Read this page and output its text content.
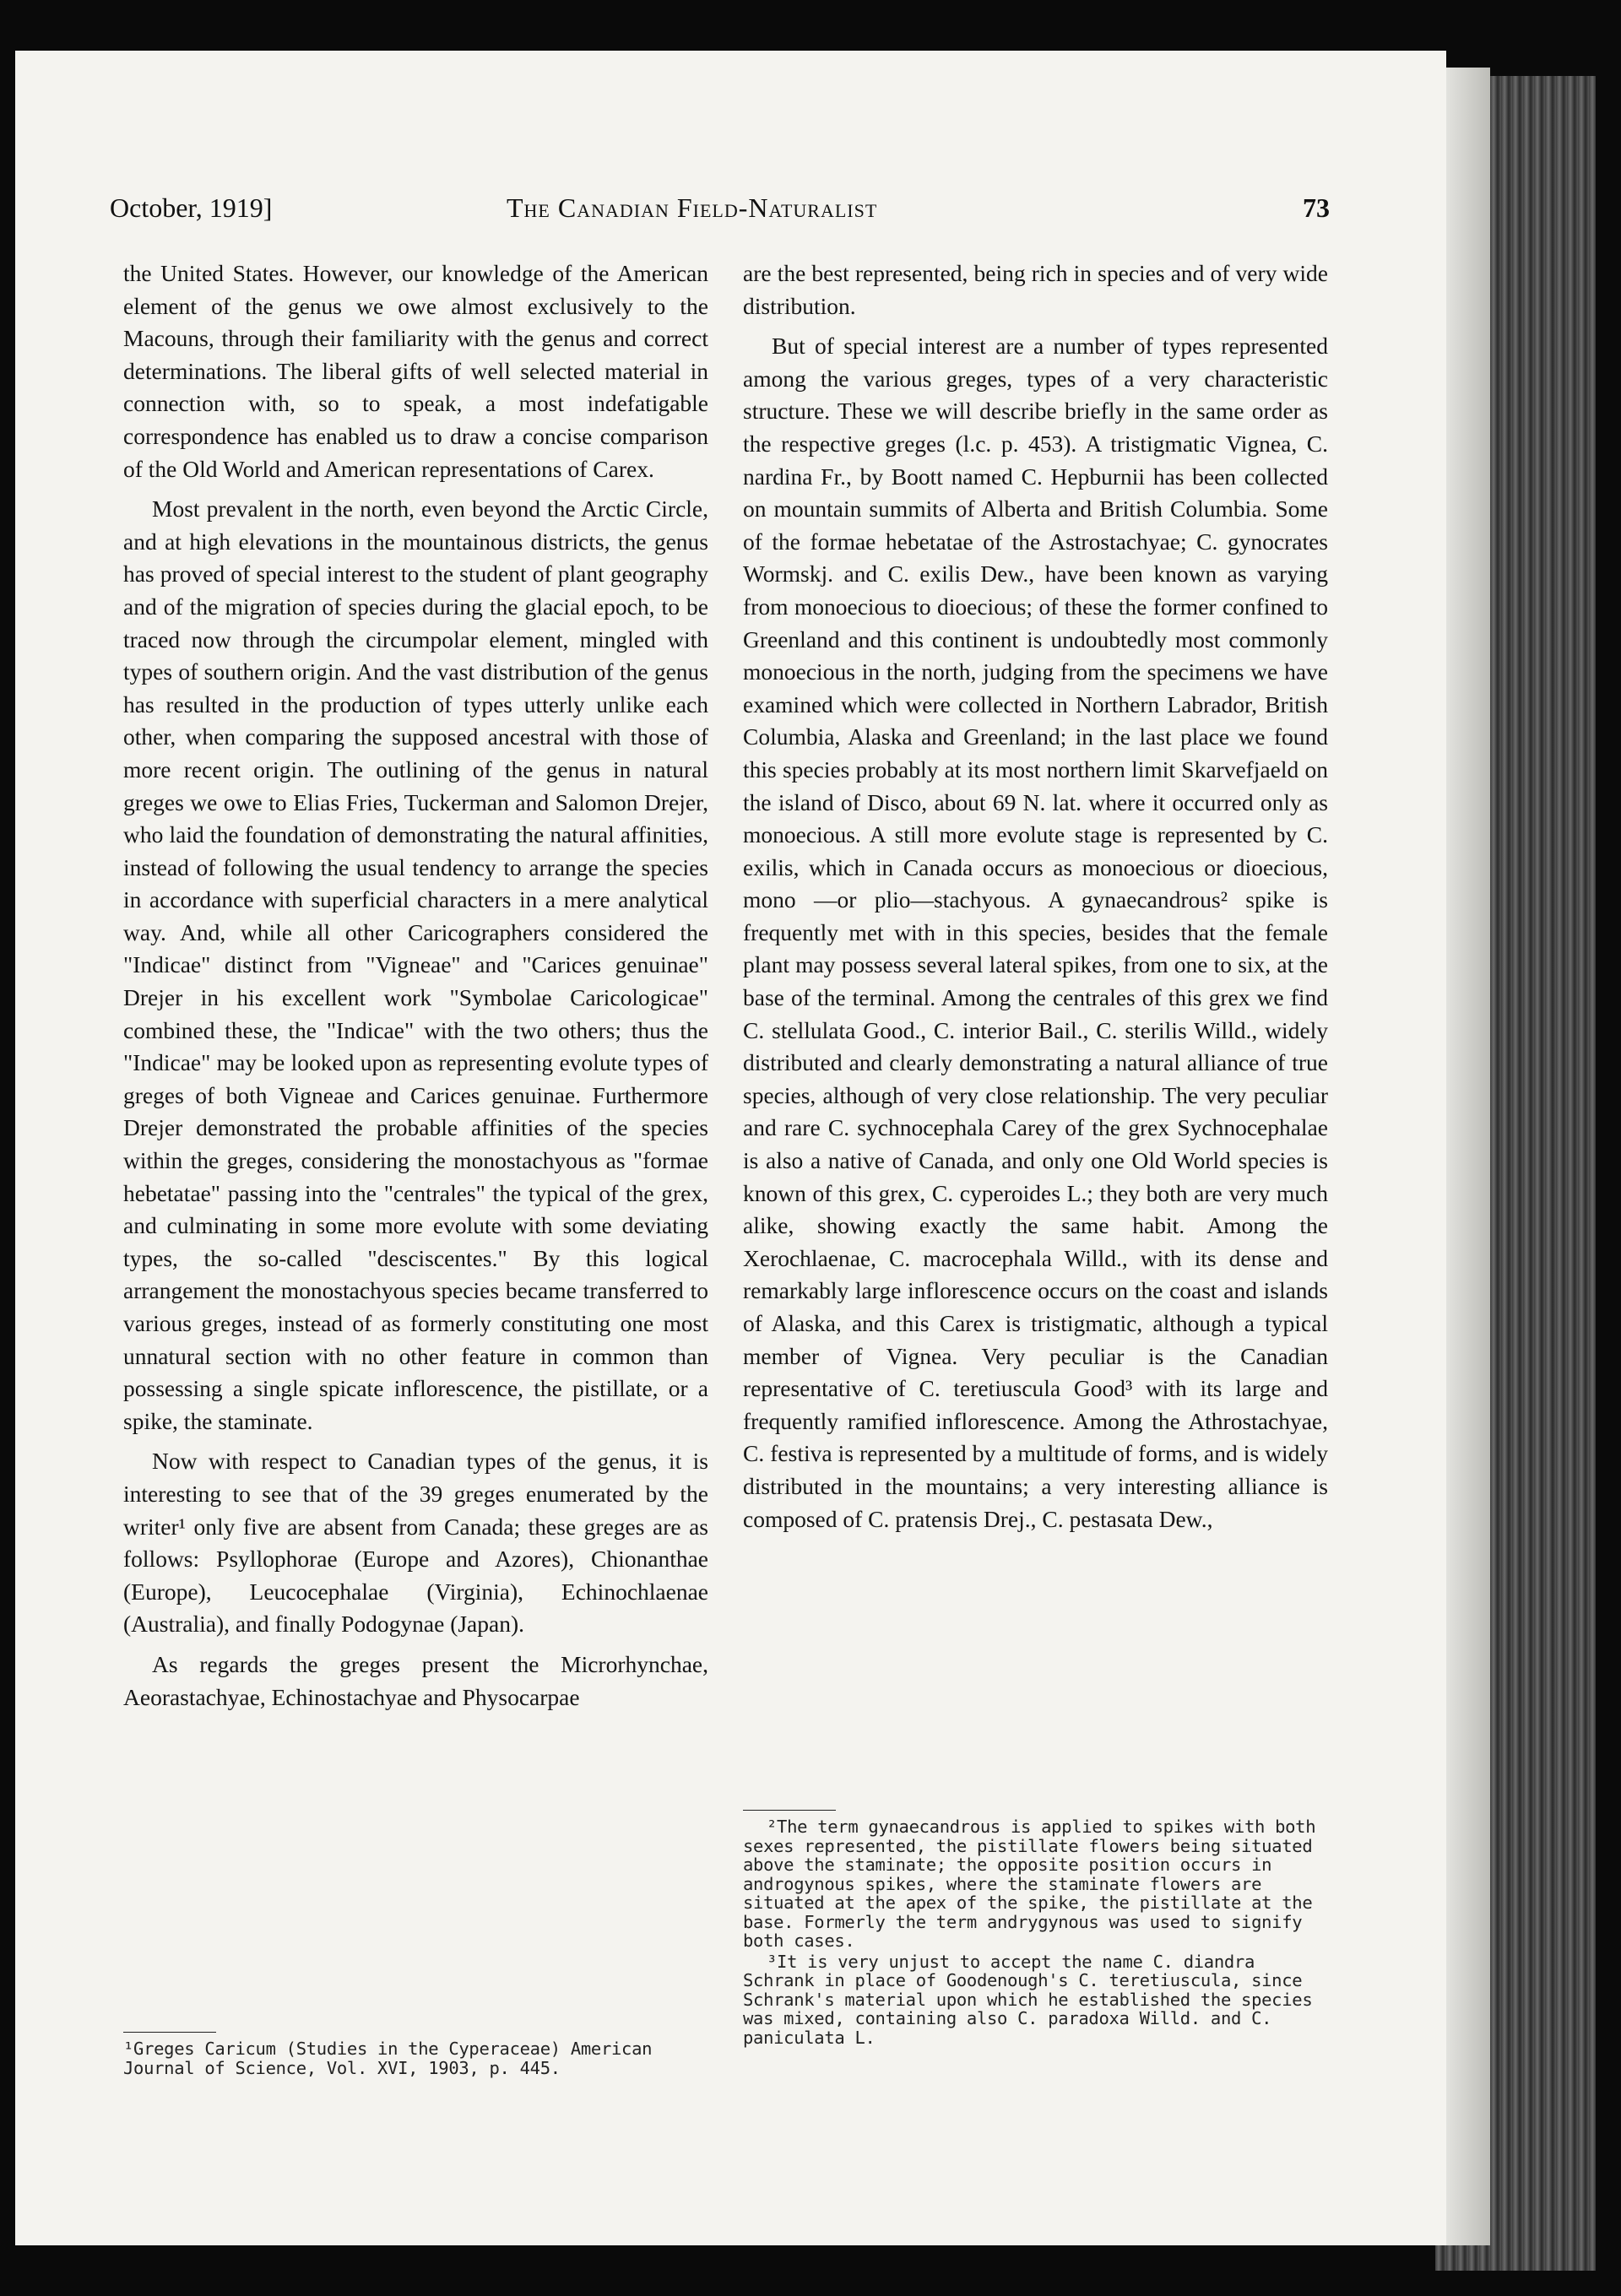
October, 1919]	The Canadian Field-Naturalist	73

the United States. However, our knowledge of the American element of the genus we owe almost exclusively to the Macouns, through their familiarity with the genus and correct determinations. The liberal gifts of well selected material in connection with, so to speak, a most indefatigable correspondence has enabled us to draw a concise comparison of the Old World and American representations of Carex.

Most prevalent in the north, even beyond the Arctic Circle, and at high elevations in the mountainous districts, the genus has proved of special interest to the student of plant geography and of the migration of species during the glacial epoch, to be traced now through the circumpolar element, mingled with types of southern origin. And the vast distribution of the genus has resulted in the production of types utterly unlike each other, when comparing the supposed ancestral with those of more recent origin. The outlining of the genus in natural greges we owe to Elias Fries, Tuckerman and Salomon Drejer, who laid the foundation of demonstrating the natural affinities, instead of following the usual tendency to arrange the species in accordance with superficial characters in a mere analytical way. And, while all other Caricographers considered the "Indicae" distinct from "Vigneae" and "Carices genuinae" Drejer in his excellent work "Symbolae Caricologicae" combined these, the "Indicae" with the two others; thus the "Indicae" may be looked upon as representing evolute types of greges of both Vigneae and Carices genuinae. Furthermore Drejer demonstrated the probable affinities of the species within the greges, considering the monostachyous as "formae hebetatae" passing into the "centrales" the typical of the grex, and culminating in some more evolute with some deviating types, the so-called "desciscentes." By this logical arrangement the monostachyous species became transferred to various greges, instead of as formerly constituting one most unnatural section with no other feature in common than possessing a single spicate inflorescence, the pistillate, or a spike, the staminate.

Now with respect to Canadian types of the genus, it is interesting to see that of the 39 greges enumerated by the writer¹ only five are absent from Canada; these greges are as follows: Psyllophorae (Europe and Azores), Chionanthae (Europe), Leucocephalae (Virginia), Echinochlaenae (Australia), and finally Podogynae (Japan).

As regards the greges present the Microrhynchae, Aeorastachyae, Echinostachyae and Physocarpae

¹Greges Caricum (Studies in the Cyperaceae) American Journal of Science, Vol. XVI, 1903, p. 445.

are the best represented, being rich in species and of very wide distribution.

But of special interest are a number of types represented among the various greges, types of a very characteristic structure. These we will describe briefly in the same order as the respective greges (l.c. p. 453). A tristigmatic Vignea, C. nardina Fr., by Boott named C. Hepburnii has been collected on mountain summits of Alberta and British Columbia. Some of the formae hebetatae of the Astrostachyae; C. gynocrates Wormskj. and C. exilis Dew., have been known as varying from monoecious to dioecious; of these the former confined to Greenland and this continent is undoubtedly most commonly monoecious in the north, judging from the specimens we have examined which were collected in Northern Labrador, British Columbia, Alaska and Greenland; in the last place we found this species probably at its most northern limit Skarvefjaeld on the island of Disco, about 69 N. lat. where it occurred only as monoecious. A still more evolute stage is represented by C. exilis, which in Canada occurs as monoecious or dioecious, mono —or plio—stachyous. A gynaecandrous² spike is frequently met with in this species, besides that the female plant may possess several lateral spikes, from one to six, at the base of the terminal. Among the centrales of this grex we find C. stellulata Good., C. interior Bail., C. sterilis Willd., widely distributed and clearly demonstrating a natural alliance of true species, although of very close relationship. The very peculiar and rare C. sychnocephala Carey of the grex Sychnocephalae is also a native of Canada, and only one Old World species is known of this grex, C. cyperoides L.; they both are very much alike, showing exactly the same habit. Among the Xerochlaenae, C. macrocephala Willd., with its dense and remarkably large inflorescence occurs on the coast and islands of Alaska, and this Carex is tristigmatic, although a typical member of Vignea. Very peculiar is the Canadian representative of C. teretiuscula Good³ with its large and frequently ramified inflorescence. Among the Athrostachyae, C. festiva is represented by a multitude of forms, and is widely distributed in the mountains; a very interesting alliance is composed of C. pratensis Drej., C. pestasata Dew.,

²The term gynaecandrous is applied to spikes with both sexes represented, the pistillate flowers being situated above the staminate; the opposite position occurs in androgynous spikes, where the staminate flowers are situated at the apex of the spike, the pistillate at the base. Formerly the term andrygynous was used to signify both cases.
³It is very unjust to accept the name C. diandra Schrank in place of Goodenough's C. teretiuscula, since Schrank's material upon which he established the species was mixed, containing also C. paradoxa Willd. and C. paniculata L.
